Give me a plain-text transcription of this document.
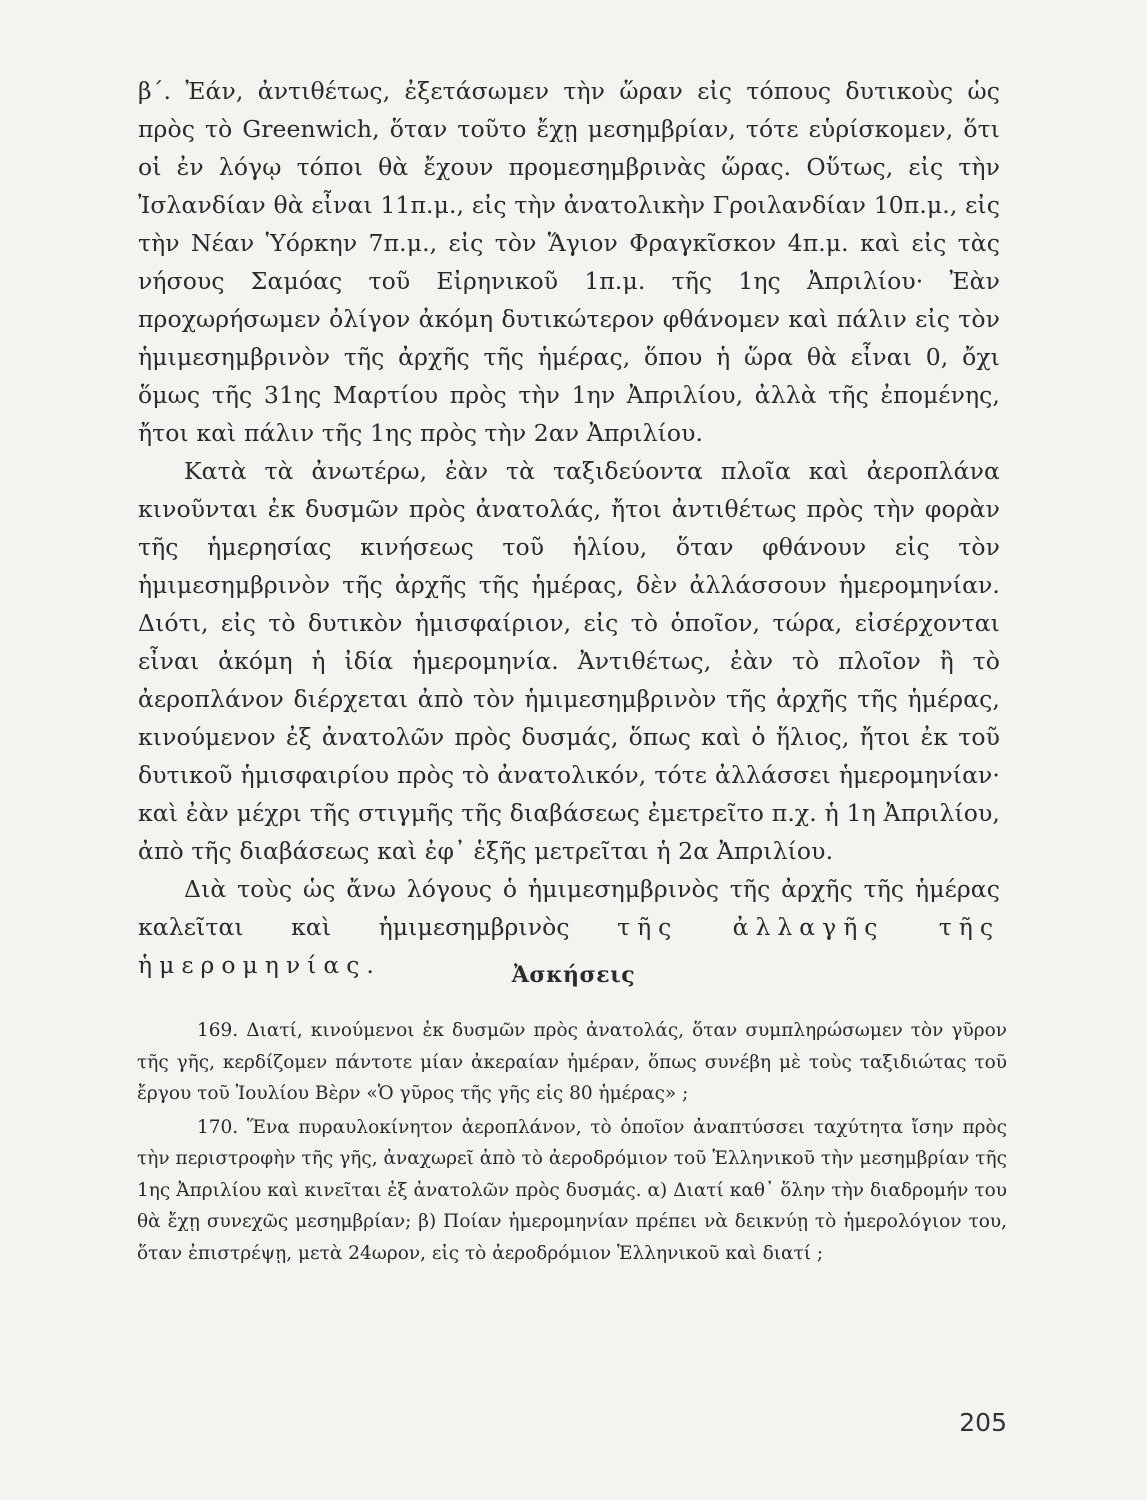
β΄. Ἐάν, ἀντιθέτως, ἐξετάσωμεν τὴν ὥραν εἰς τόπους δυτικοὺς ὡς πρὸς τὸ Greenwich, ὅταν τοῦτο ἔχῃ μεσημβρίαν, τότε εὑρίσκομεν, ὅτι οἱ ἐν λόγῳ τόποι θὰ ἔχουν προμεσημβρινὰς ὥρας. Οὕτως, εἰς τὴν Ἰσλανδίαν θὰ εἶναι 11π.μ., εἰς τὴν ἀνατολικὴν Γροιλανδίαν 10π.μ., εἰς τὴν Νέαν Ὑόρκην 7π.μ., εἰς τὸν Ἅγιον Φραγκῖσκον 4π.μ. καὶ εἰς τὰς νήσους Σαμόας τοῦ Εἰρηνικοῦ 1π.μ. τῆς 1ης Ἀπριλίου· Ἐὰν προχωρήσωμεν ὀλίγον ἀκόμη δυτικώτερον φθάνομεν καὶ πάλιν εἰς τὸν ἡμιμεσημβρινὸν τῆς ἀρχῆς τῆς ἡμέρας, ὅπου ἡ ὥρα θὰ εἶναι 0, ὄχι ὅμως τῆς 31ης Μαρτίου πρὸς τὴν 1ην Ἀπριλίου, ἀλλὰ τῆς ἐπομένης, ἤτοι καὶ πάλιν τῆς 1ης πρὸς τὴν 2αν Ἀπριλίου.

Κατὰ τὰ ἀνωτέρω, ἐὰν τὰ ταξιδεύοντα πλοῖα καὶ ἀεροπλάνα κινοῦνται ἐκ δυσμῶν πρὸς ἀνατολάς, ἤτοι ἀντιθέτως πρὸς τὴν φορὰν τῆς ἡμερησίας κινήσεως τοῦ ἡλίου, ὅταν φθάνουν εἰς τὸν ἡμιμεσημβρινὸν τῆς ἀρχῆς τῆς ἡμέρας, δὲν ἀλλάσσουν ἡμερομηνίαν. Διότι, εἰς τὸ δυτικὸν ἡμισφαίριον, εἰς τὸ ὁποῖον, τώρα, εἰσέρχονται εἶναι ἀκόμη ἡ ἰδία ἡμερομηνία. Ἀντιθέτως, ἐὰν τὸ πλοῖον ἢ τὸ ἀεροπλάνον διέρχεται ἀπὸ τὸν ἡμιμεσημβρινὸν τῆς ἀρχῆς τῆς ἡμέρας, κινούμενον ἐξ ἀνατολῶν πρὸς δυσμάς, ὅπως καὶ ὁ ἥλιος, ἤτοι ἐκ τοῦ δυτικοῦ ἡμισφαιρίου πρὸς τὸ ἀνατολικόν, τότε ἀλλάσσει ἡμερομηνίαν· καὶ ἐὰν μέχρι τῆς στιγμῆς τῆς διαβάσεως ἐμετρεῖτο π.χ. ἡ 1η Ἀπριλίου, ἀπὸ τῆς διαβάσεως καὶ ἐφ᾽ ἑξῆς μετρεῖται ἡ 2α Ἀπριλίου.

Διὰ τοὺς ὡς ἄνω λόγους ὁ ἡμιμεσημβρινὸς τῆς ἀρχῆς τῆς ἡμέρας καλεῖται καὶ ἡμιμεσημβρινὸς τῆς ἀλλαγῆς τῆς ἡμερομηνίας.	Ἀσκήσεις

169. Διατί, κινούμενοι ἐκ δυσμῶν πρὸς ἀνατολάς, ὅταν συμπληρώσωμεν τὸν γῦρον τῆς γῆς, κερδίζομεν πάντοτε μίαν ἀκεραίαν ἡμέραν, ὅπως συνέβη μὲ τοὺς ταξιδιώτας τοῦ ἔργου τοῦ Ἰουλίου Βὲρν «Ὁ γῦρος τῆς γῆς εἰς 80 ἡμέρας» ;

170. Ἕνα πυραυλοκίνητον ἀεροπλάνον, τὸ ὁποῖον ἀναπτύσσει ταχύτητα ἴσην πρὸς τὴν περιστροφὴν τῆς γῆς, ἀναχωρεῖ ἀπὸ τὸ ἀεροδρόμιον τοῦ Ἑλληνικοῦ τὴν μεσημβρίαν τῆς 1ης Ἀπριλίου καὶ κινεῖται ἐξ ἀνατολῶν πρὸς δυσμάς. α) Διατί καθ᾽ ὅλην τὴν διαδρομήν του θὰ ἔχῃ συνεχῶς μεσημβρίαν; β) Ποίαν ἡμερομηνίαν πρέπει νὰ δεικνύῃ τὸ ἡμερολόγιον του, ὅταν ἐπιστρέψῃ, μετὰ 24ωρον, εἰς τὸ ἀεροδρόμιον Ἑλληνικοῦ καὶ διατί ;

205
